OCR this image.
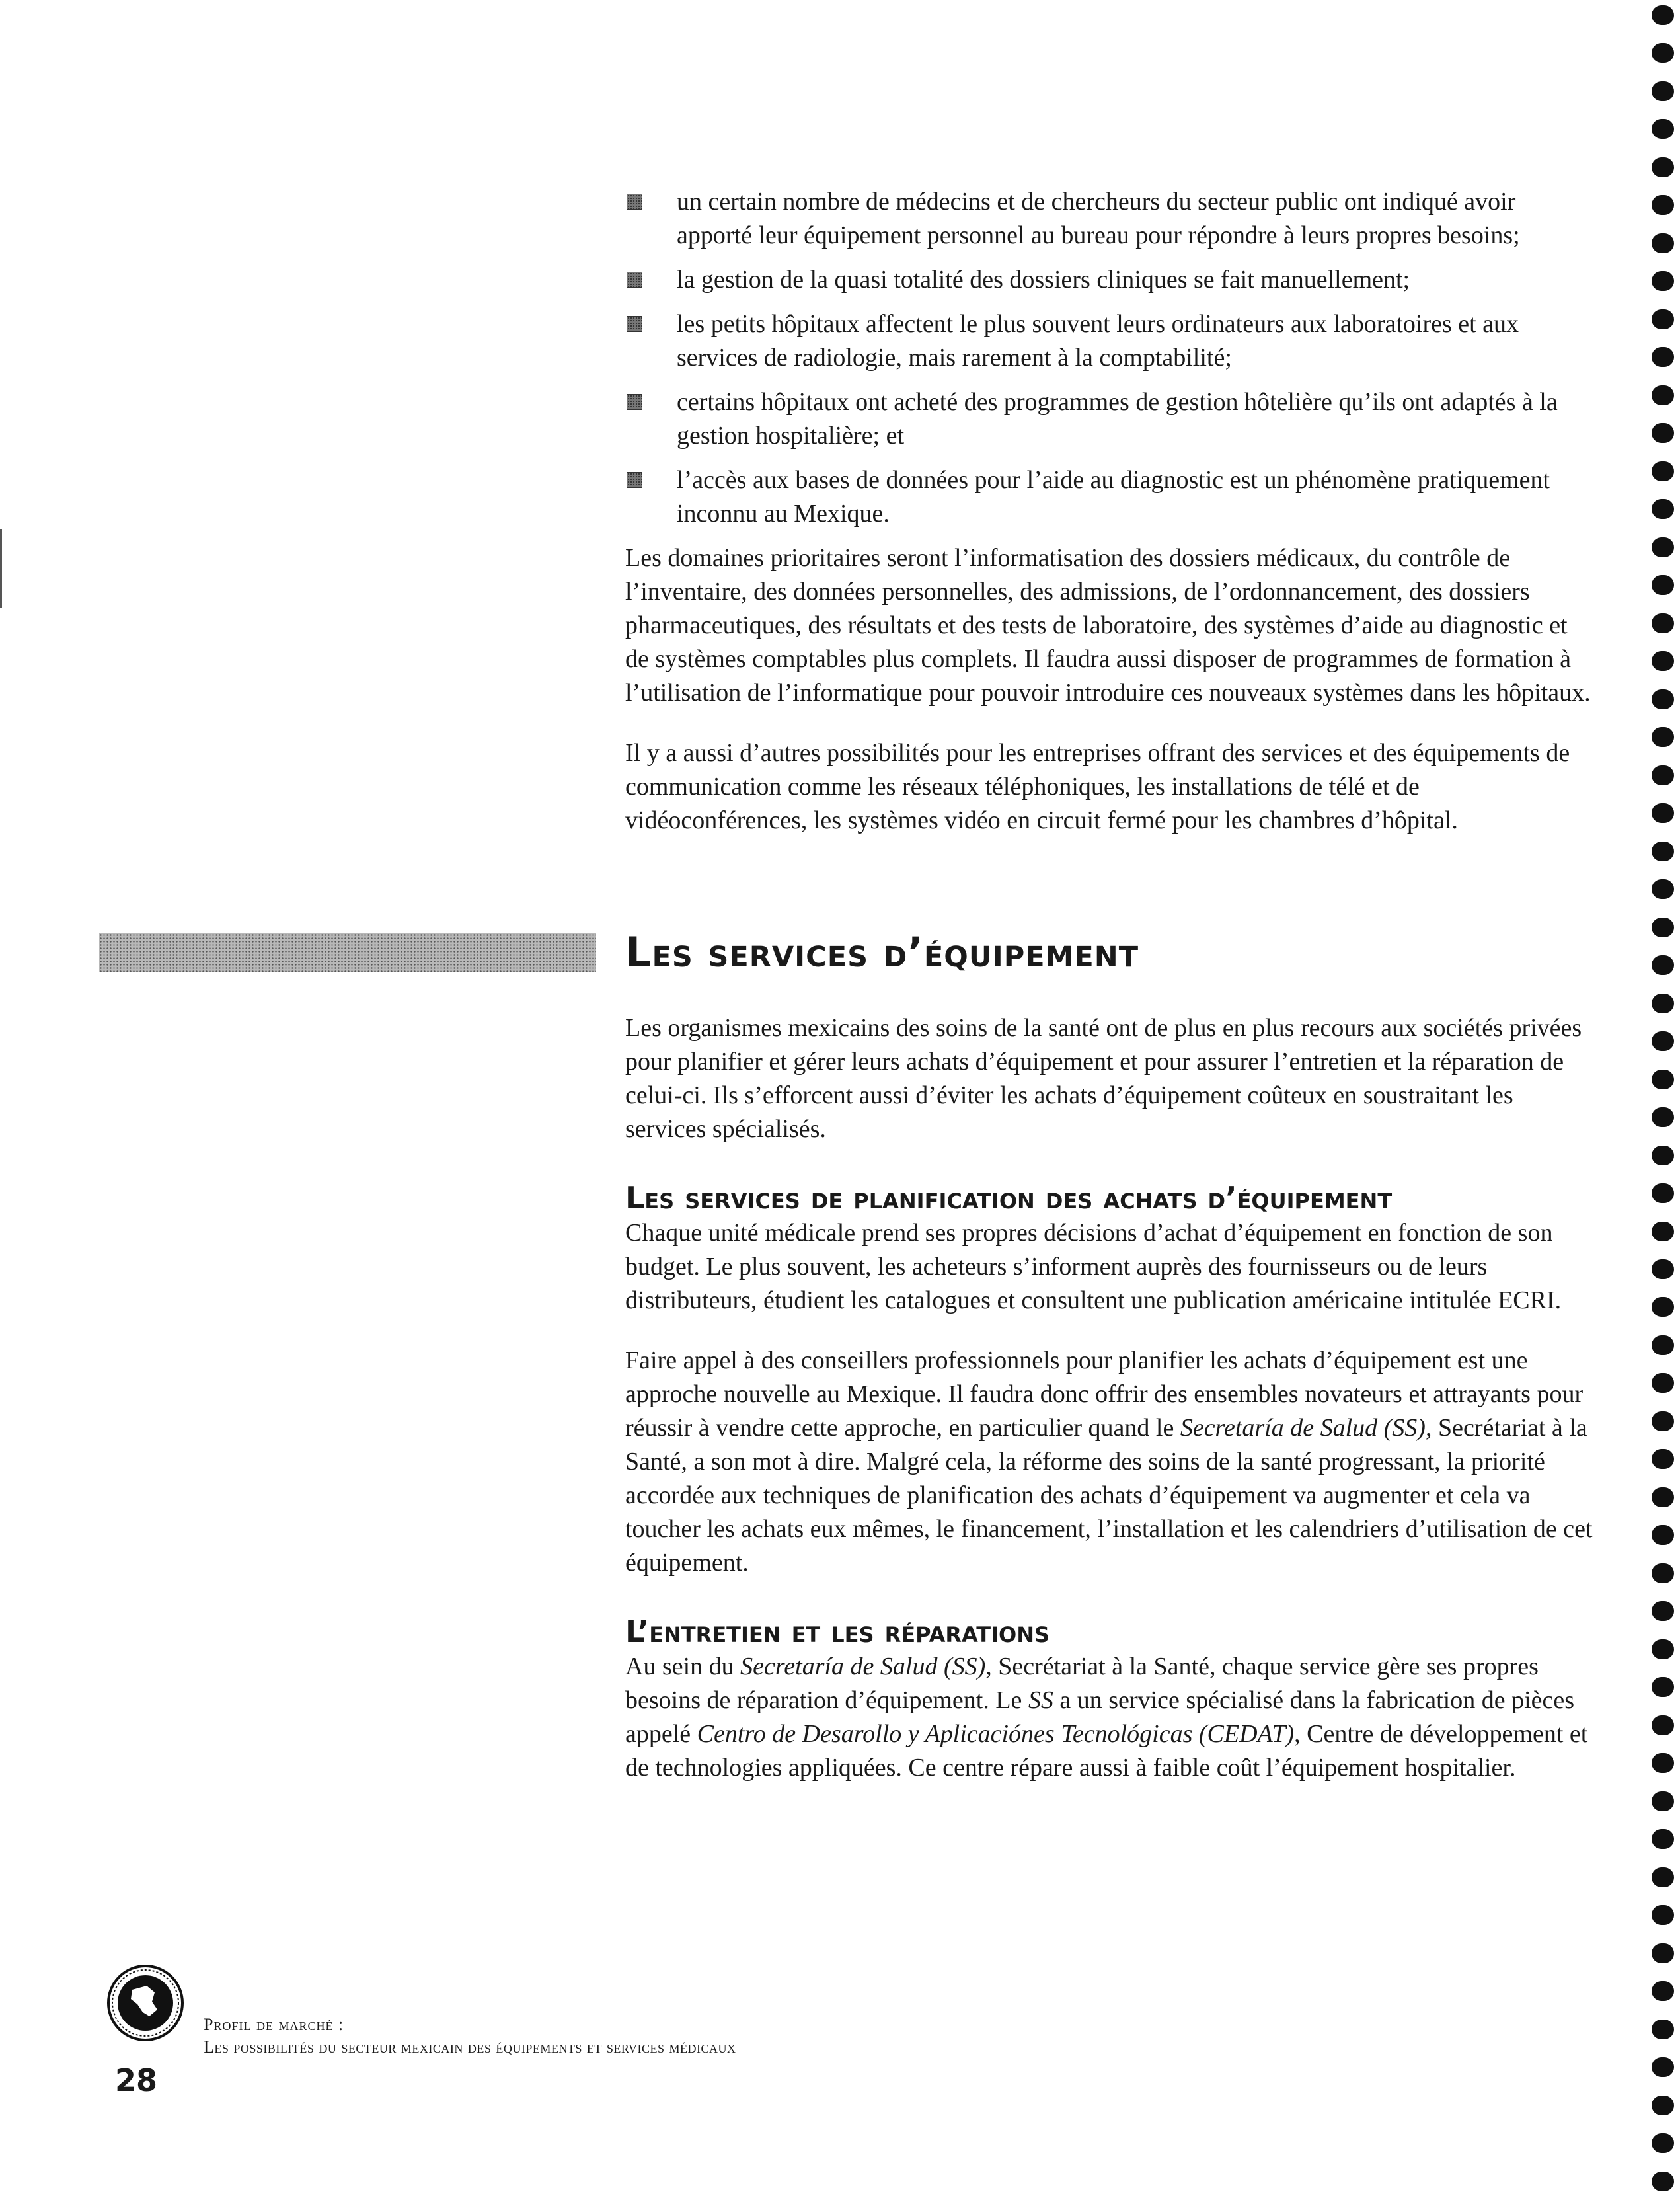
un certain nombre de médecins et de chercheurs du secteur public ont indiqué avoir apporté leur équipement personnel au bureau pour répondre à leurs propres besoins;
la gestion de la quasi totalité des dossiers cliniques se fait manuellement;
les petits hôpitaux affectent le plus souvent leurs ordinateurs aux laboratoires et aux services de radiologie, mais rarement à la comptabilité;
certains hôpitaux ont acheté des programmes de gestion hôtelière qu’ils ont adaptés à la gestion hospitalière; et
l’accès aux bases de données pour l’aide au diagnostic est un phénomène pratiquement inconnu au Mexique.

Les domaines prioritaires seront l’informatisation des dossiers médicaux, du contrôle de l’inventaire, des données personnelles, des admissions, de l’ordonnancement, des dossiers pharmaceutiques, des résultats et des tests de laboratoire, des systèmes d’aide au diagnostic et de systèmes comptables plus complets. Il faudra aussi disposer de programmes de formation à l’utilisation de l’informatique pour pouvoir introduire ces nouveaux systèmes dans les hôpitaux.

Il y a aussi d’autres possibilités pour les entreprises offrant des services et des équipements de communication comme les réseaux téléphoniques, les installations de télé et de vidéoconférences, les systèmes vidéo en circuit fermé pour les chambres d’hôpital.

Les services d’équipement

Les organismes mexicains des soins de la santé ont de plus en plus recours aux sociétés privées pour planifier et gérer leurs achats d’équipement et pour assurer l’entretien et la réparation de celui-ci. Ils s’efforcent aussi d’éviter les achats d’équipement coûteux en soustraitant les services spécialisés.

Les services de planification des achats d’équipement

Chaque unité médicale prend ses propres décisions d’achat d’équipement en fonction de son budget. Le plus souvent, les acheteurs s’informent auprès des fournisseurs ou de leurs distributeurs, étudient les catalogues et consultent une publication américaine intitulée ECRI.

Faire appel à des conseillers professionnels pour planifier les achats d’équipement est une approche nouvelle au Mexique. Il faudra donc offrir des ensembles novateurs et attrayants pour réussir à vendre cette approche, en particulier quand le Secretaría de Salud (SS), Secrétariat à la Santé, a son mot à dire. Malgré cela, la réforme des soins de la santé progressant, la priorité accordée aux techniques de planification des achats d’équipement va augmenter et cela va toucher les achats eux mêmes, le financement, l’installation et les calendriers d’utilisation de cet équipement.

L’entretien et les réparations

Au sein du Secretaría de Salud (SS), Secrétariat à la Santé, chaque service gère ses propres besoins de réparation d’équipement. Le SS a un service spécialisé dans la fabrication de pièces appelé Centro de Desarollo y Aplicaciónes Tecnológicas (CEDAT), Centre de développement et de technologies appliquées. Ce centre répare aussi à faible coût l’équipement hospitalier.

Profil de marché :
Les possibilités du secteur mexicain des équipements et services médicaux
28
